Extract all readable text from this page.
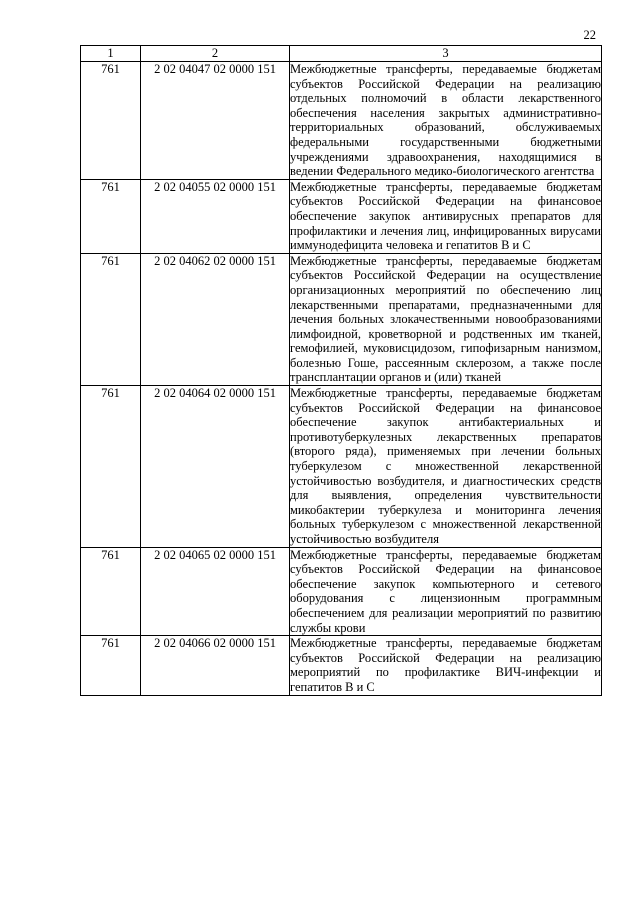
22
1	2	3
761	2 02 04047 02 0000 151	Межбюджетные трансферты, передаваемые бюджетам субъектов Российской Федерации на реализацию отдельных полномочий в области лекарственного обеспечения населения закрытых административно-территориальных образований, обслуживаемых федеральными государственными бюджетными учреждениями здравоохранения, находящимися в ведении Федерального медико-биологического агентства
761	2 02 04055 02 0000 151	Межбюджетные трансферты, передаваемые бюджетам субъектов Российской Федерации на финансовое обеспечение закупок антивирусных препаратов для профилактики и лечения лиц, инфицированных вирусами иммунодефицита человека и гепатитов B и C
761	2 02 04062 02 0000 151	Межбюджетные трансферты, передаваемые бюджетам субъектов Российской Федерации на осуществление организационных мероприятий по обеспечению лиц лекарственными препаратами, предназначенными для лечения больных злокачественными новообразованиями лимфоидной, кроветворной и родственных им тканей, гемофилией, муковисцидозом, гипофизарным нанизмом, болезнью Гоше, рассеянным склерозом, а также после трансплантации органов и (или) тканей
761	2 02 04064 02 0000 151	Межбюджетные трансферты, передаваемые бюджетам субъектов Российской Федерации на финансовое обеспечение закупок антибактериальных и противотуберкулезных лекарственных препаратов (второго ряда), применяемых при лечении больных туберкулезом с множественной лекарственной устойчивостью возбудителя, и диагностических средств для выявления, определения чувствительности микобактерии туберкулеза и мониторинга лечения больных туберкулезом с множественной лекарственной устойчивостью возбудителя
761	2 02 04065 02 0000 151	Межбюджетные трансферты, передаваемые бюджетам субъектов Российской Федерации на финансовое обеспечение закупок компьютерного и сетевого оборудования с лицензионным программным обеспечением для реализации мероприятий по развитию службы крови
761	2 02 04066 02 0000 151	Межбюджетные трансферты, передаваемые бюджетам субъектов Российской Федерации на реализацию мероприятий по профилактике ВИЧ-инфекции и гепатитов B и C
